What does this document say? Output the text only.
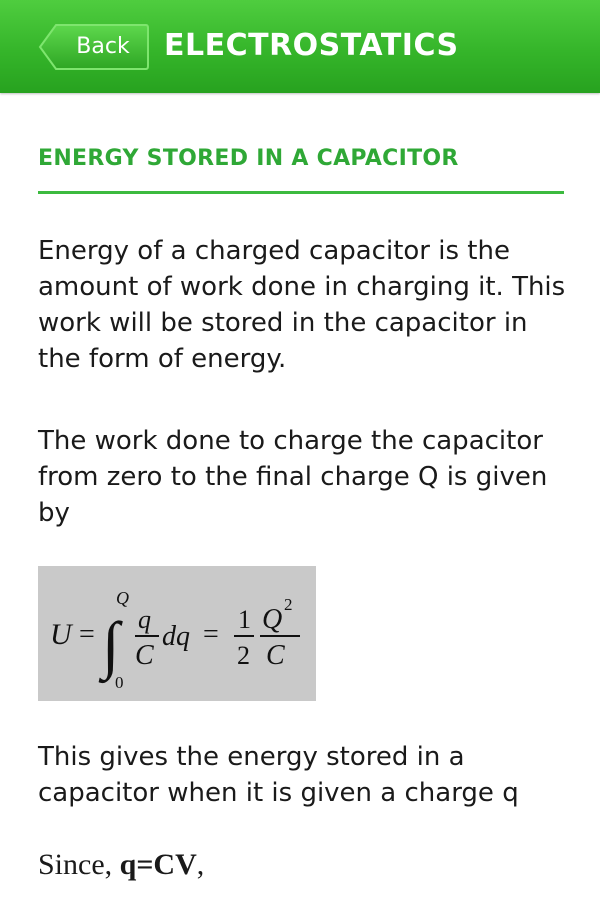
Back	ELECTROSTATICS
ENERGY STORED IN A CAPACITOR

Energy of a charged capacitor is the amount of work done in charging it. This work will be stored in the capacitor in the form of energy.

The work done to charge the capacitor from zero to the final charge Q is given by

U =
Q
∫
0
q
C
dq = 1
2
Q 2
C

This gives the energy stored in a capacitor when it is given a charge q

Since, q=CV,
